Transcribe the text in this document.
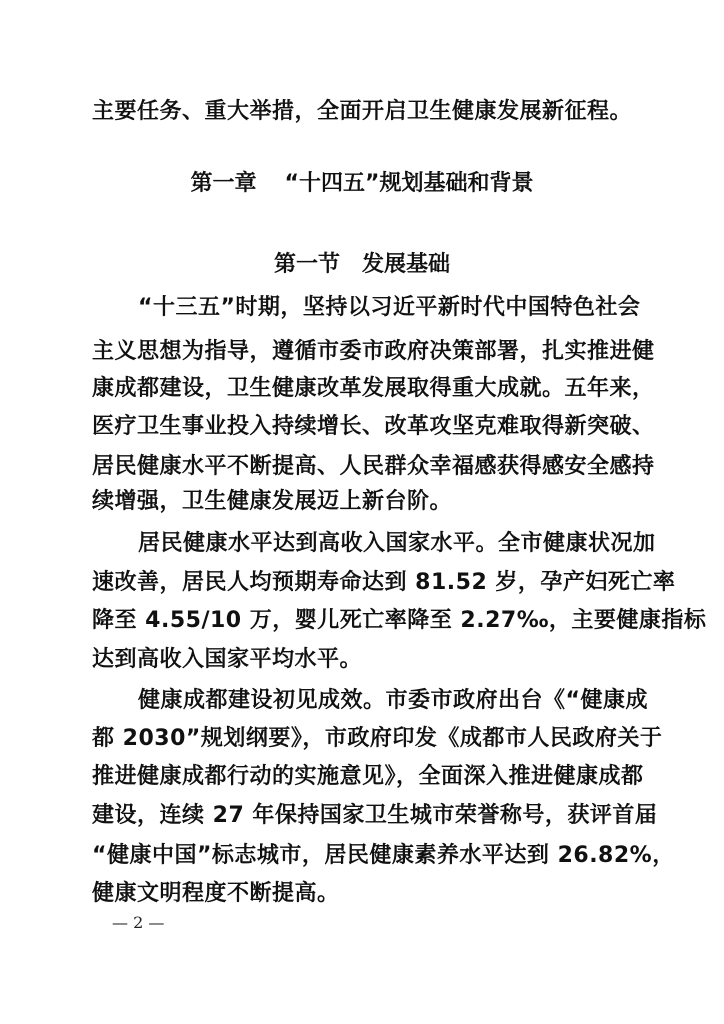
主要任务、重大举措，全面开启卫生健康发展新征程。
第一章 “十四五”规划基础和背景
第一节 发展基础
“十三五”时期，坚持以习近平新时代中国特色社会
主义思想为指导，遵循市委市政府决策部署，扎实推进健
康成都建设，卫生健康改革发展取得重大成就。五年来，
医疗卫生事业投入持续增长、改革攻坚克难取得新突破、
居民健康水平不断提高、人民群众幸福感获得感安全感持
续增强，卫生健康发展迈上新台阶。
居民健康水平达到高收入国家水平。全市健康状况加
速改善，居民人均预期寿命达到 81.52 岁，孕产妇死亡率
降至 4.55/10 万，婴儿死亡率降至 2.27‰，主要健康指标
达到高收入国家平均水平。
健康成都建设初见成效。市委市政府出台《“健康成
都 2030”规划纲要》，市政府印发《成都市人民政府关于
推进健康成都行动的实施意见》，全面深入推进健康成都
建设，连续 27 年保持国家卫生城市荣誉称号，获评首届
“健康中国”标志城市，居民健康素养水平达到 26.82%，
健康文明程度不断提高。
— 2 —
